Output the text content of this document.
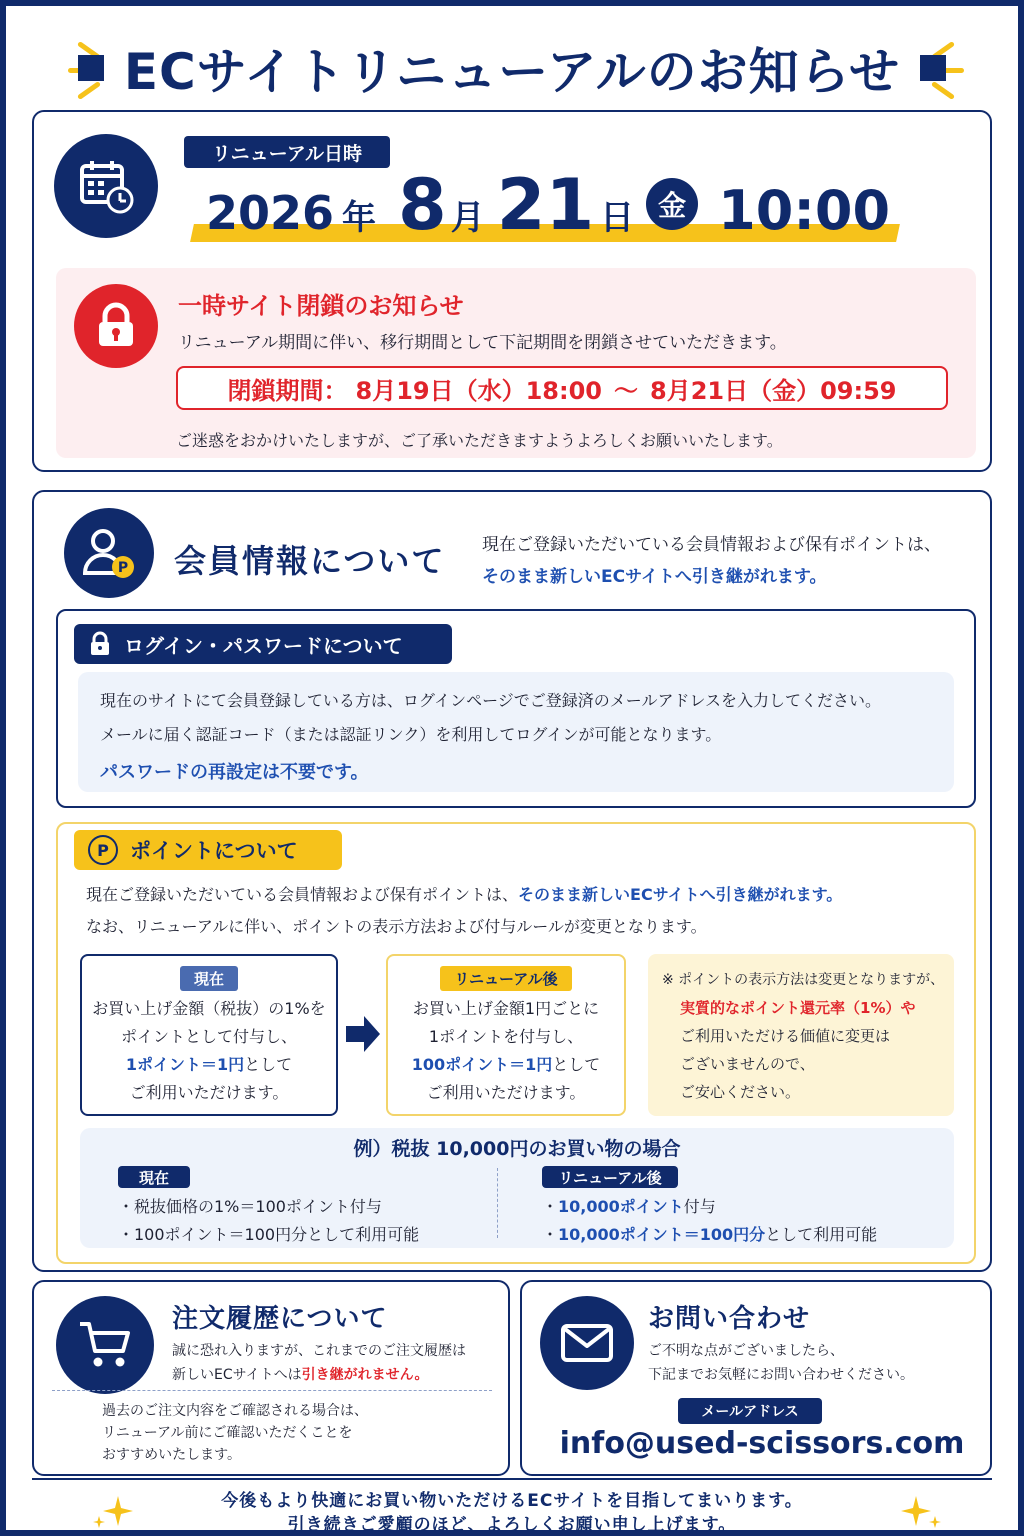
ECサイトリニューアルのお知らせ
リニューアル日時
2026 年 8 月 21 日 金 10:00
一時サイト閉鎖のお知らせ
リニューアル期間に伴い、移行期間として下記期間を閉鎖させていただきます。
閉鎖期間： 8月19日（水）18:00 〜 8月21日（金）09:59
ご迷惑をおかけいたしますが、ご了承いただきますようよろしくお願いいたします。
P 会員情報について 現在ご登録いただいている会員情報および保有ポイントは、
そのまま新しいECサイトへ引き継がれます。
ログイン・パスワードについて
現在のサイトにて会員登録している方は、ログインページでご登録済のメールアドレスを入力してください。
メールに届く認証コード（または認証リンク）を利用してログインが可能となります。
パスワードの再設定は不要です。
P	ポイントについて
現在ご登録いただいている会員情報および保有ポイントは、そのまま新しいECサイトへ引き継がれます。
なお、リニューアルに伴い、ポイントの表示方法および付与ルールが変更となります。
現在
お買い上げ金額（税抜）の1%を
ポイントとして付与し、
1ポイント＝1円として
ご利用いただけます。
リニューアル後
お買い上げ金額1円ごとに
1ポイントを付与し、
100ポイント＝1円として
ご利用いただけます。
※ ポイントの表示方法は変更となりますが、
実質的なポイント還元率（1%）や
ご利用いただける価値に変更は
ございませんので、
ご安心ください。
例）税抜 10,000円のお買い物の場合
現在
・税抜価格の1%＝100ポイント付与
・100ポイント＝100円分として利用可能
リニューアル後
・10,000ポイント付与
・10,000ポイント＝100円分として利用可能
注文履歴について
誠に恐れ入りますが、これまでのご注文履歴は
新しいECサイトへは引き継がれません。
過去のご注文内容をご確認される場合は、
リニューアル前にご確認いただくことを
おすすめいたします。
お問い合わせ
ご不明な点がございましたら、
下記までお気軽にお問い合わせください。
メールアドレス
info@used-scissors.com
今後もより快適にお買い物いただけるECサイトを目指してまいります。
引き続きご愛顧のほど、よろしくお願い申し上げます。
